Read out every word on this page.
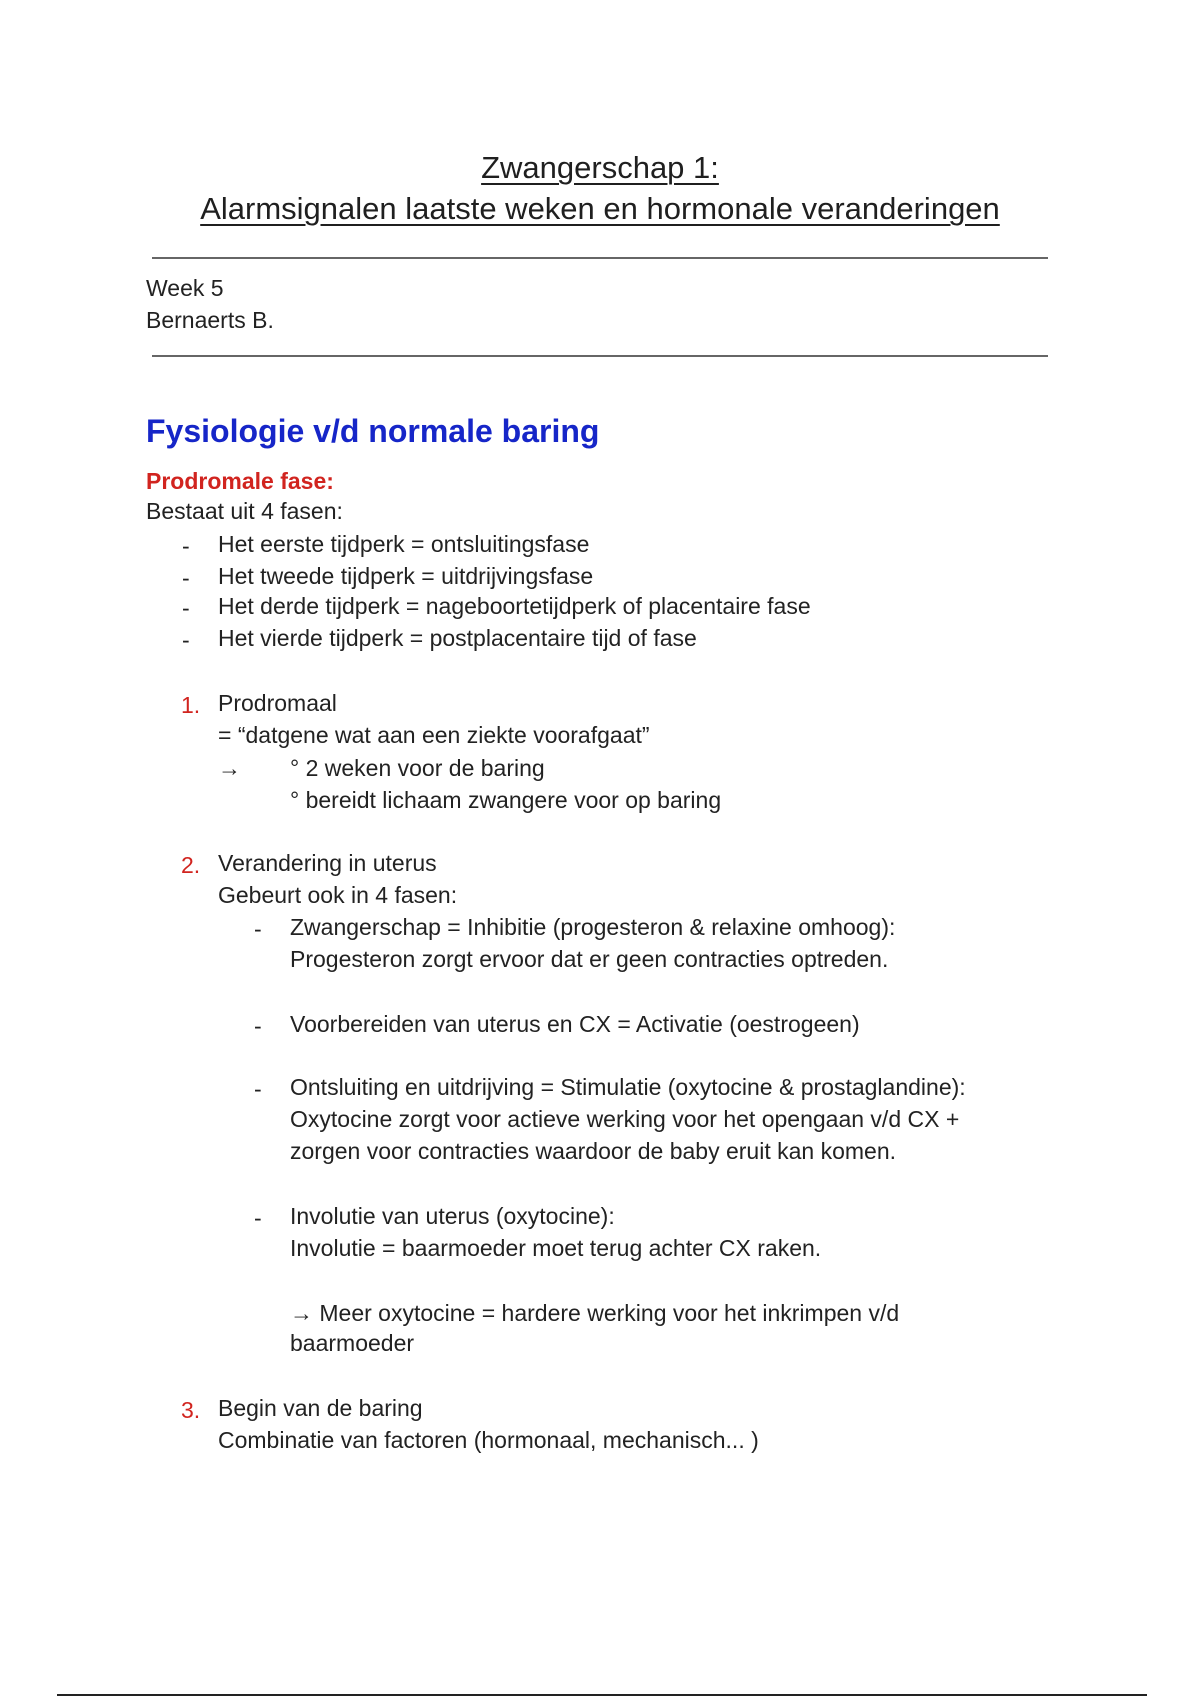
Zwangerschap 1:
Alarmsignalen laatste weken en hormonale veranderingen
Week 5
Bernaerts B.
Fysiologie v/d normale baring
Prodromale fase:
Bestaat uit 4 fasen:
- Het eerste tijdperk = ontsluitingsfase
- Het tweede tijdperk = uitdrijvingsfase
- Het derde tijdperk = nageboortetijdperk of placentaire fase
- Het vierde tijdperk = postplacentaire tijd of fase
1. Prodromaal
= “datgene wat aan een ziekte voorafgaat”
→ ° 2 weken voor de baring
° bereidt lichaam zwangere voor op baring
2. Verandering in uterus
Gebeurt ook in 4 fasen:
- Zwangerschap = Inhibitie (progesteron & relaxine omhoog):
Progesteron zorgt ervoor dat er geen contracties optreden.
- Voorbereiden van uterus en CX = Activatie (oestrogeen)
- Ontsluiting en uitdrijving = Stimulatie (oxytocine & prostaglandine):
Oxytocine zorgt voor actieve werking voor het opengaan v/d CX +
zorgen voor contracties waardoor de baby eruit kan komen.
- Involutie van uterus (oxytocine):
Involutie = baarmoeder moet terug achter CX raken.
→ Meer oxytocine = hardere werking voor het inkrimpen v/d
baarmoeder
3. Begin van de baring
Combinatie van factoren (hormonaal, mechanisch... )
